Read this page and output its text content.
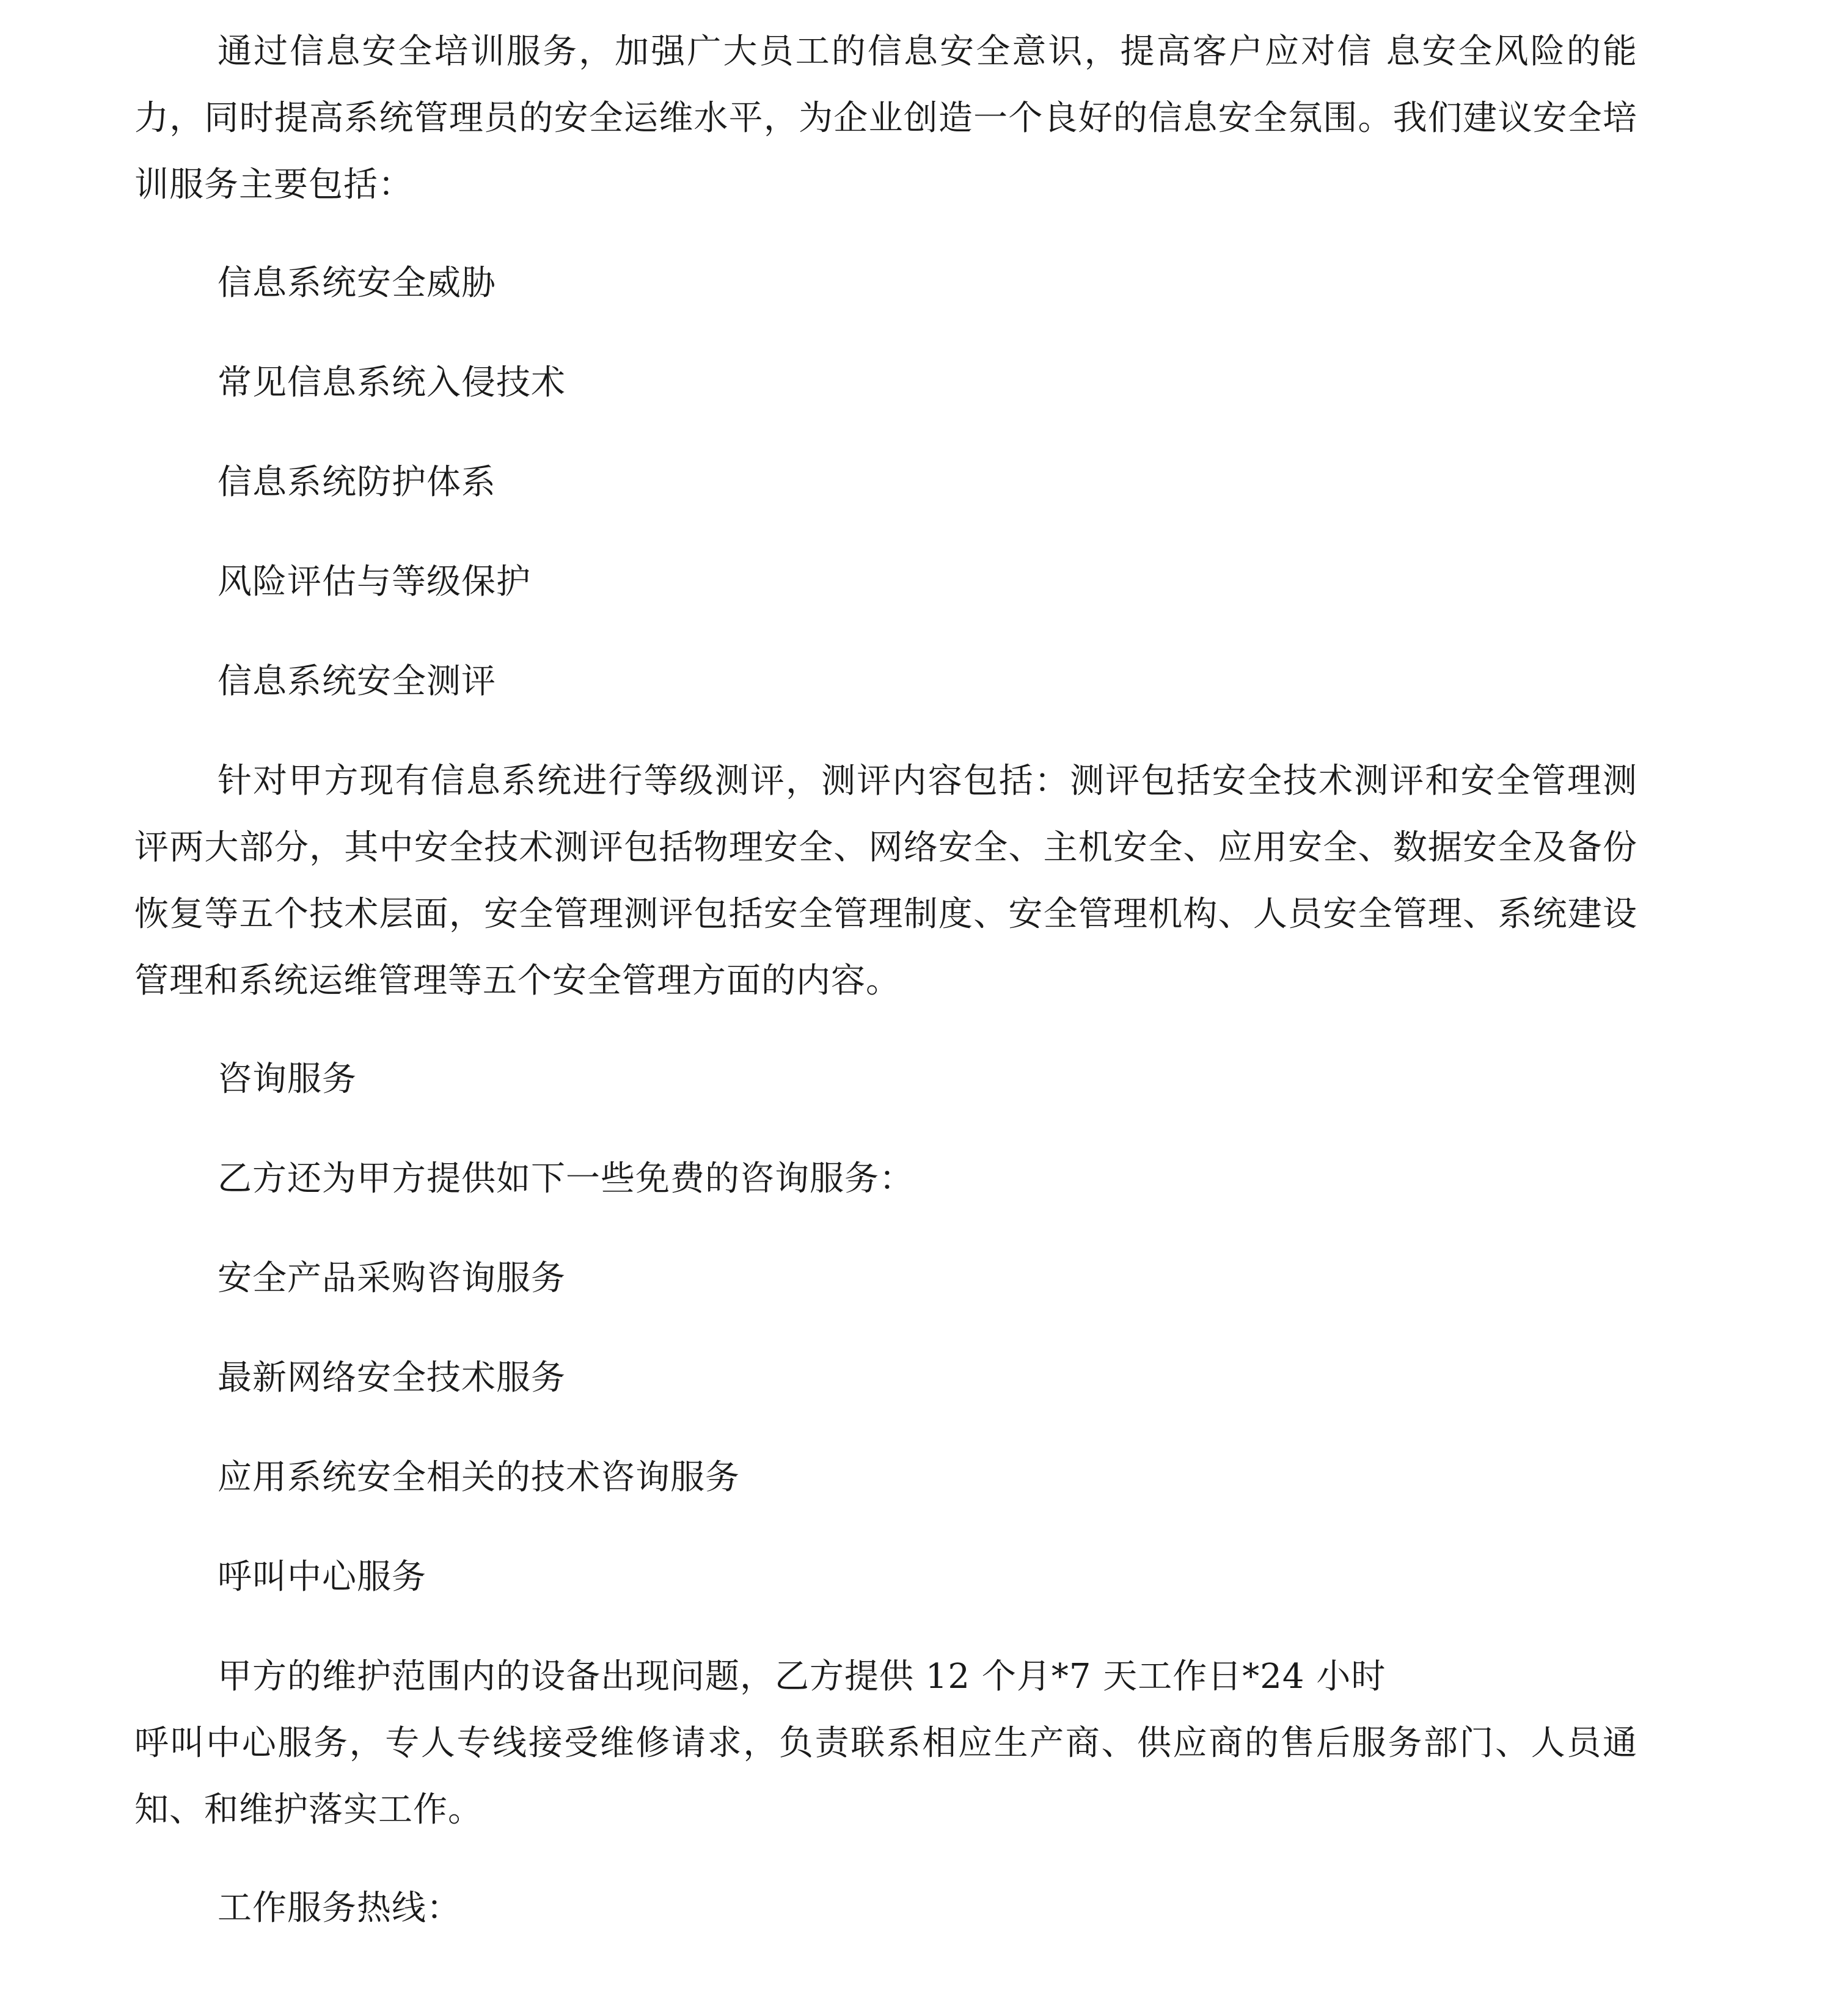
通过信息安全培训服务，加强广大员工的信息安全意识，提高客户应对信 息安全风险的能力，同时提高系统管理员的安全运维水平，为企业创造一个良好的信息安全氛围。我们建议安全培训服务主要包括：

信息系统安全威胁
常见信息系统入侵技术
信息系统防护体系
风险评估与等级保护
信息系统安全测评

针对甲方现有信息系统进行等级测评，测评内容包括：测评包括安全技术测评和安全管理测评两大部分，其中安全技术测评包括物理安全、网络安全、主机安全、应用安全、数据安全及备份恢复等五个技术层面，安全管理测评包括安全管理制度、安全管理机构、人员安全管理、系统建设管理和系统运维管理等五个安全管理方面的内容。

咨询服务
乙方还为甲方提供如下一些免费的咨询服务：
安全产品采购咨询服务
最新网络安全技术服务
应用系统安全相关的技术咨询服务
呼叫中心服务

甲方的维护范围内的设备出现问题，乙方提供 12 个月*7 天工作日*24 小时
呼叫中心服务，专人专线接受维修请求，负责联系相应生产商、供应商的售后服务部门、人员通知、和维护落实工作。

工作服务热线：
